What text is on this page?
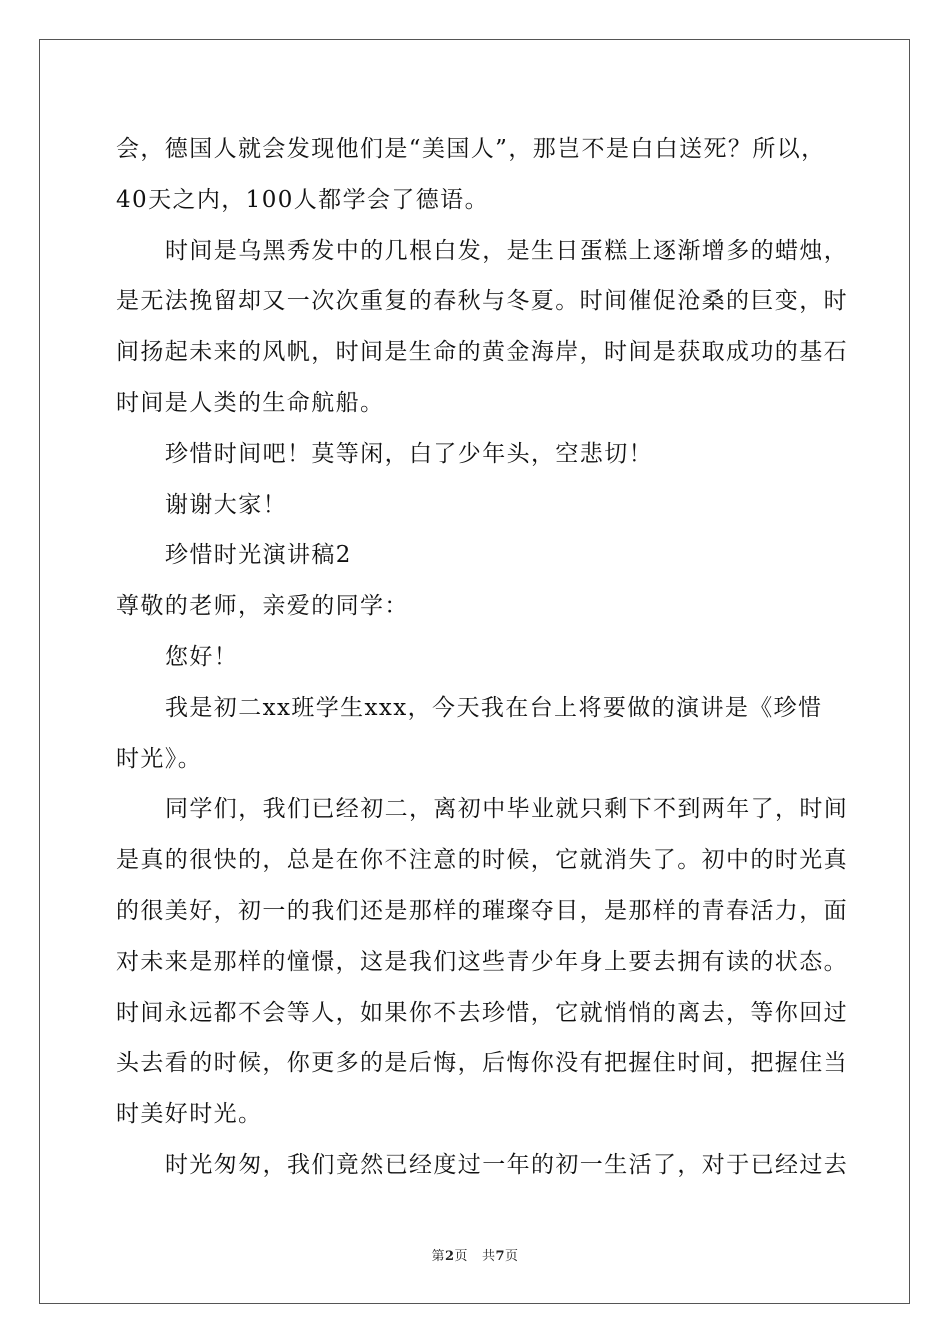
会，德国人就会发现他们是“美国人”，那岂不是白白送死？所以，
40天之内，100人都学会了德语。
时间是乌黑秀发中的几根白发，是生日蛋糕上逐渐增多的蜡烛，
是无法挽留却又一次次重复的春秋与冬夏。时间催促沧桑的巨变，时
间扬起未来的风帆，时间是生命的黄金海岸，时间是获取成功的基石
时间是人类的生命航船。
珍惜时间吧！莫等闲，白了少年头，空悲切！
谢谢大家！
珍惜时光演讲稿2
尊敬的老师，亲爱的同学：
您好！
我是初二xx班学生xxx，今天我在台上将要做的演讲是《珍惜
时光》。
同学们，我们已经初二，离初中毕业就只剩下不到两年了，时间
是真的很快的，总是在你不注意的时候，它就消失了。初中的时光真
的很美好，初一的我们还是那样的璀璨夺目，是那样的青春活力，面
对未来是那样的憧憬，这是我们这些青少年身上要去拥有读的状态。
时间永远都不会等人，如果你不去珍惜，它就悄悄的离去，等你回过
头去看的时候，你更多的是后悔，后悔你没有把握住时间，把握住当
时美好时光。
时光匆匆，我们竟然已经度过一年的初一生活了，对于已经过去
第2页 共7页
